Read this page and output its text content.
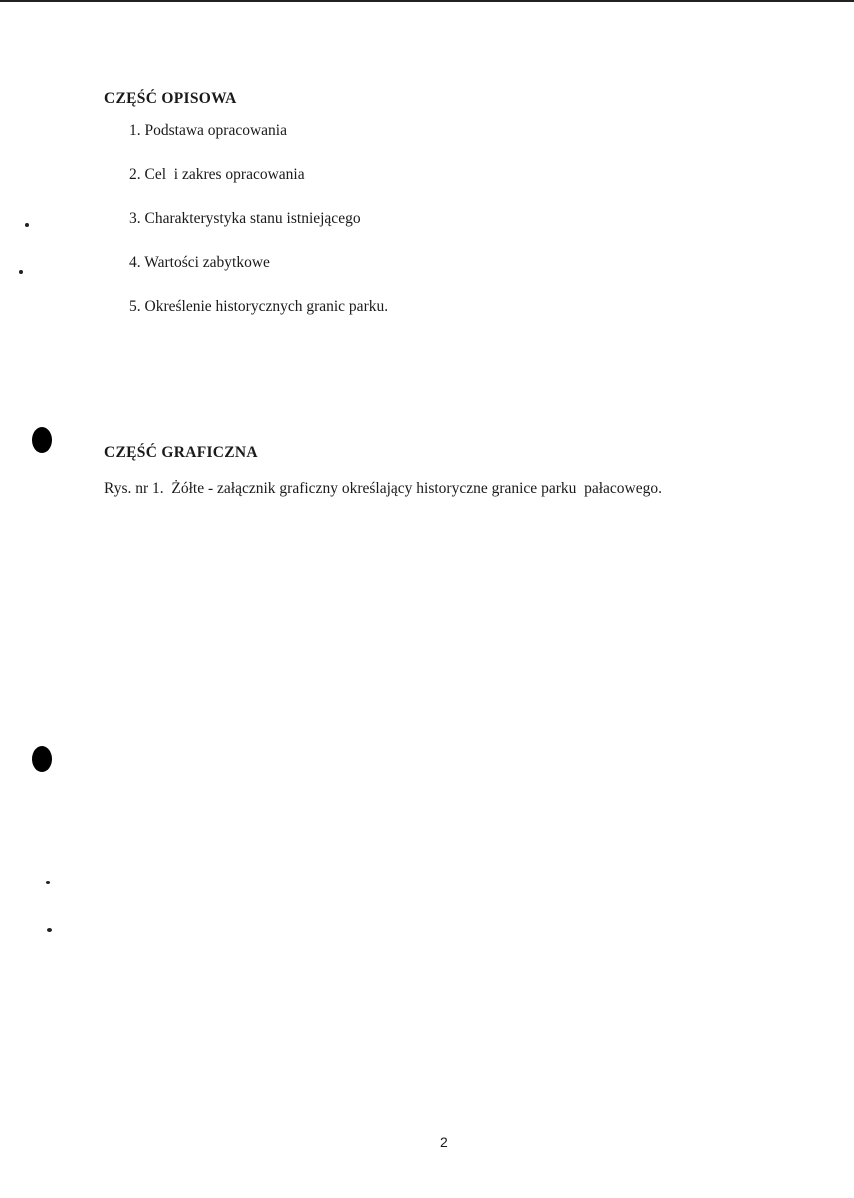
CZĘŚĆ OPISOWA
1. Podstawa opracowania
2. Cel  i zakres opracowania
3. Charakterystyka stanu istniejącego
4. Wartości zabytkowe
5. Określenie historycznych granic parku.
CZĘŚĆ GRAFICZNA

Rys. nr 1.  Żółte - załącznik graficzny określający historyczne granice parku  pałacowego.

2
